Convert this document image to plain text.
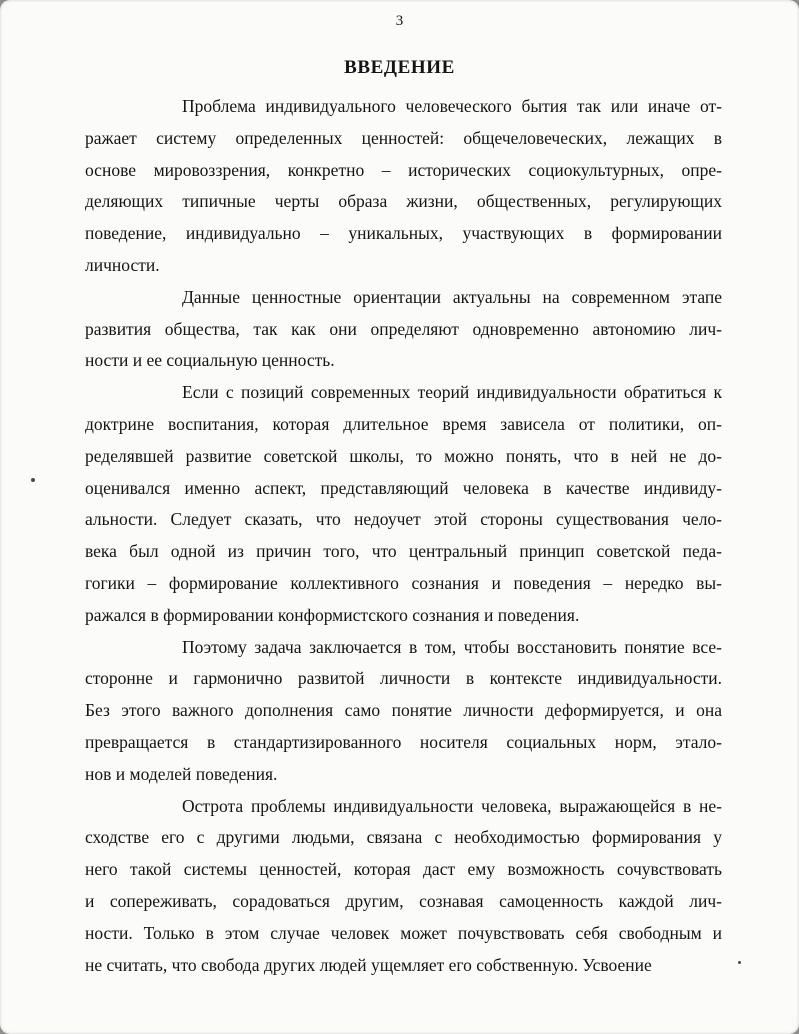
3
ВВЕДЕНИЕ

Проблема индивидуального человеческого бытия так или иначе от-
ражает систему определенных ценностей: общечеловеческих, лежащих в
основе мировоззрения, конкретно – исторических социокультурных, опре-
деляющих типичные черты образа жизни, общественных, регулирующих
поведение, индивидуально – уникальных, участвующих в формировании
личности.

Данные ценностные ориентации актуальны на современном этапе
развития общества, так как они определяют одновременно автономию лич-
ности и ее социальную ценность.

Если с позиций современных теорий индивидуальности обратиться к
доктрине воспитания, которая длительное время зависела от политики, оп-
ределявшей развитие советской школы, то можно понять, что в ней не до-
оценивался именно аспект, представляющий человека в качестве индивиду-
альности. Следует сказать, что недоучет этой стороны существования чело-
века был одной из причин того, что центральный принцип советской педа-
гогики – формирование коллективного сознания и поведения – нередко вы-
ражался в формировании конформистского сознания и поведения.

Поэтому задача заключается в том, чтобы восстановить понятие все-
сторонне и гармонично развитой личности в контексте индивидуальности.
Без этого важного дополнения само понятие личности деформируется, и она
превращается в стандартизированного носителя социальных норм, этало-
нов и моделей поведения.

Острота проблемы индивидуальности человека, выражающейся в не-
сходстве его с другими людьми, связана с необходимостью формирования у
него такой системы ценностей, которая даст ему возможность сочувствовать
и сопереживать, сорадоваться другим, сознавая самоценность каждой лич-
ности. Только в этом случае человек может почувствовать себя свободным и
не считать, что свобода других людей ущемляет его собственную. Усвоение
